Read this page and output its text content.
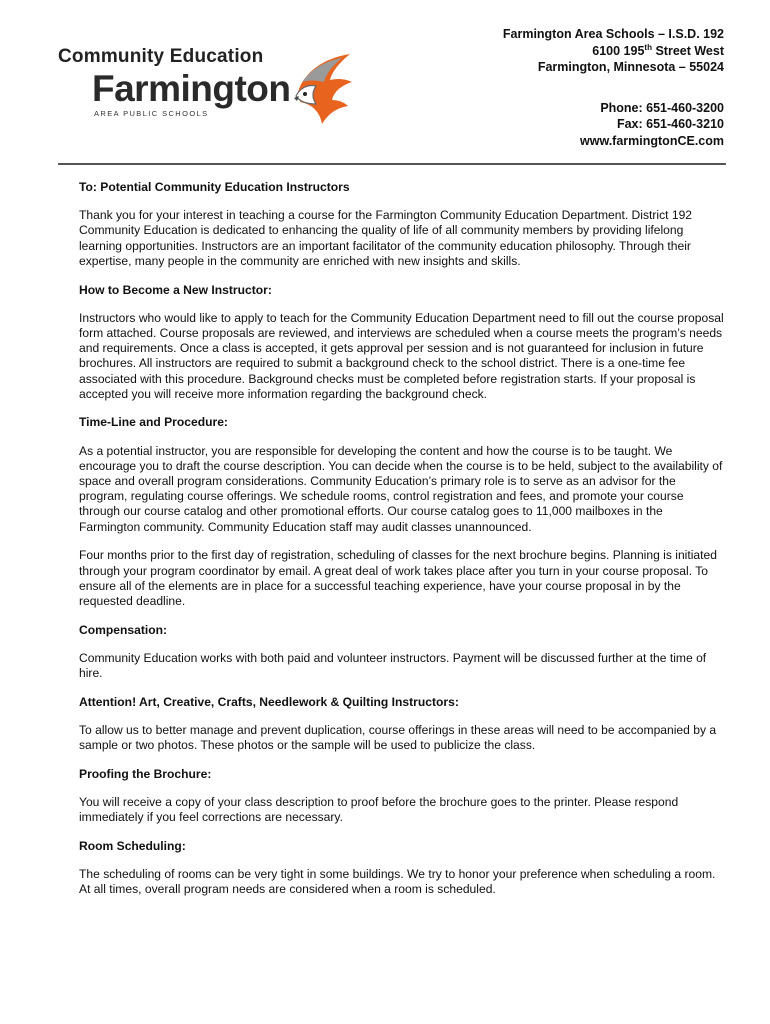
Community Education
Farmington
AREA PUBLIC SCHOOLS
Farmington Area Schools – I.S.D. 192
6100 195th Street West
Farmington, Minnesota – 55024
Phone: 651-460-3200
Fax: 651-460-3210
www.farmingtonCE.com
To: Potential Community Education Instructors

Thank you for your interest in teaching a course for the Farmington Community Education Department. District 192 Community Education is dedicated to enhancing the quality of life of all community members by providing lifelong learning opportunities. Instructors are an important facilitator of the community education philosophy. Through their expertise, many people in the community are enriched with new insights and skills.

How to Become a New Instructor:

Instructors who would like to apply to teach for the Community Education Department need to fill out the course proposal form attached. Course proposals are reviewed, and interviews are scheduled when a course meets the program’s needs and requirements. Once a class is accepted, it gets approval per session and is not guaranteed for inclusion in future brochures. All instructors are required to submit a background check to the school district. There is a one-time fee associated with this procedure. Background checks must be completed before registration starts. If your proposal is accepted you will receive more information regarding the background check.

Time-Line and Procedure:

As a potential instructor, you are responsible for developing the content and how the course is to be taught. We encourage you to draft the course description. You can decide when the course is to be held, subject to the availability of space and overall program considerations. Community Education’s primary role is to serve as an advisor for the program, regulating course offerings. We schedule rooms, control registration and fees, and promote your course through our course catalog and other promotional efforts. Our course catalog goes to 11,000 mailboxes in the Farmington community. Community Education staff may audit classes unannounced.

Four months prior to the first day of registration, scheduling of classes for the next brochure begins. Planning is initiated through your program coordinator by email. A great deal of work takes place after you turn in your course proposal. To ensure all of the elements are in place for a successful teaching experience, have your course proposal in by the requested deadline.

Compensation:

Community Education works with both paid and volunteer instructors. Payment will be discussed further at the time of hire.

Attention! Art, Creative, Crafts, Needlework & Quilting Instructors:

To allow us to better manage and prevent duplication, course offerings in these areas will need to be accompanied by a sample or two photos. These photos or the sample will be used to publicize the class.

Proofing the Brochure:

You will receive a copy of your class description to proof before the brochure goes to the printer. Please respond immediately if you feel corrections are necessary.

Room Scheduling:

The scheduling of rooms can be very tight in some buildings. We try to honor your preference when scheduling a room. At all times, overall program needs are considered when a room is scheduled.
